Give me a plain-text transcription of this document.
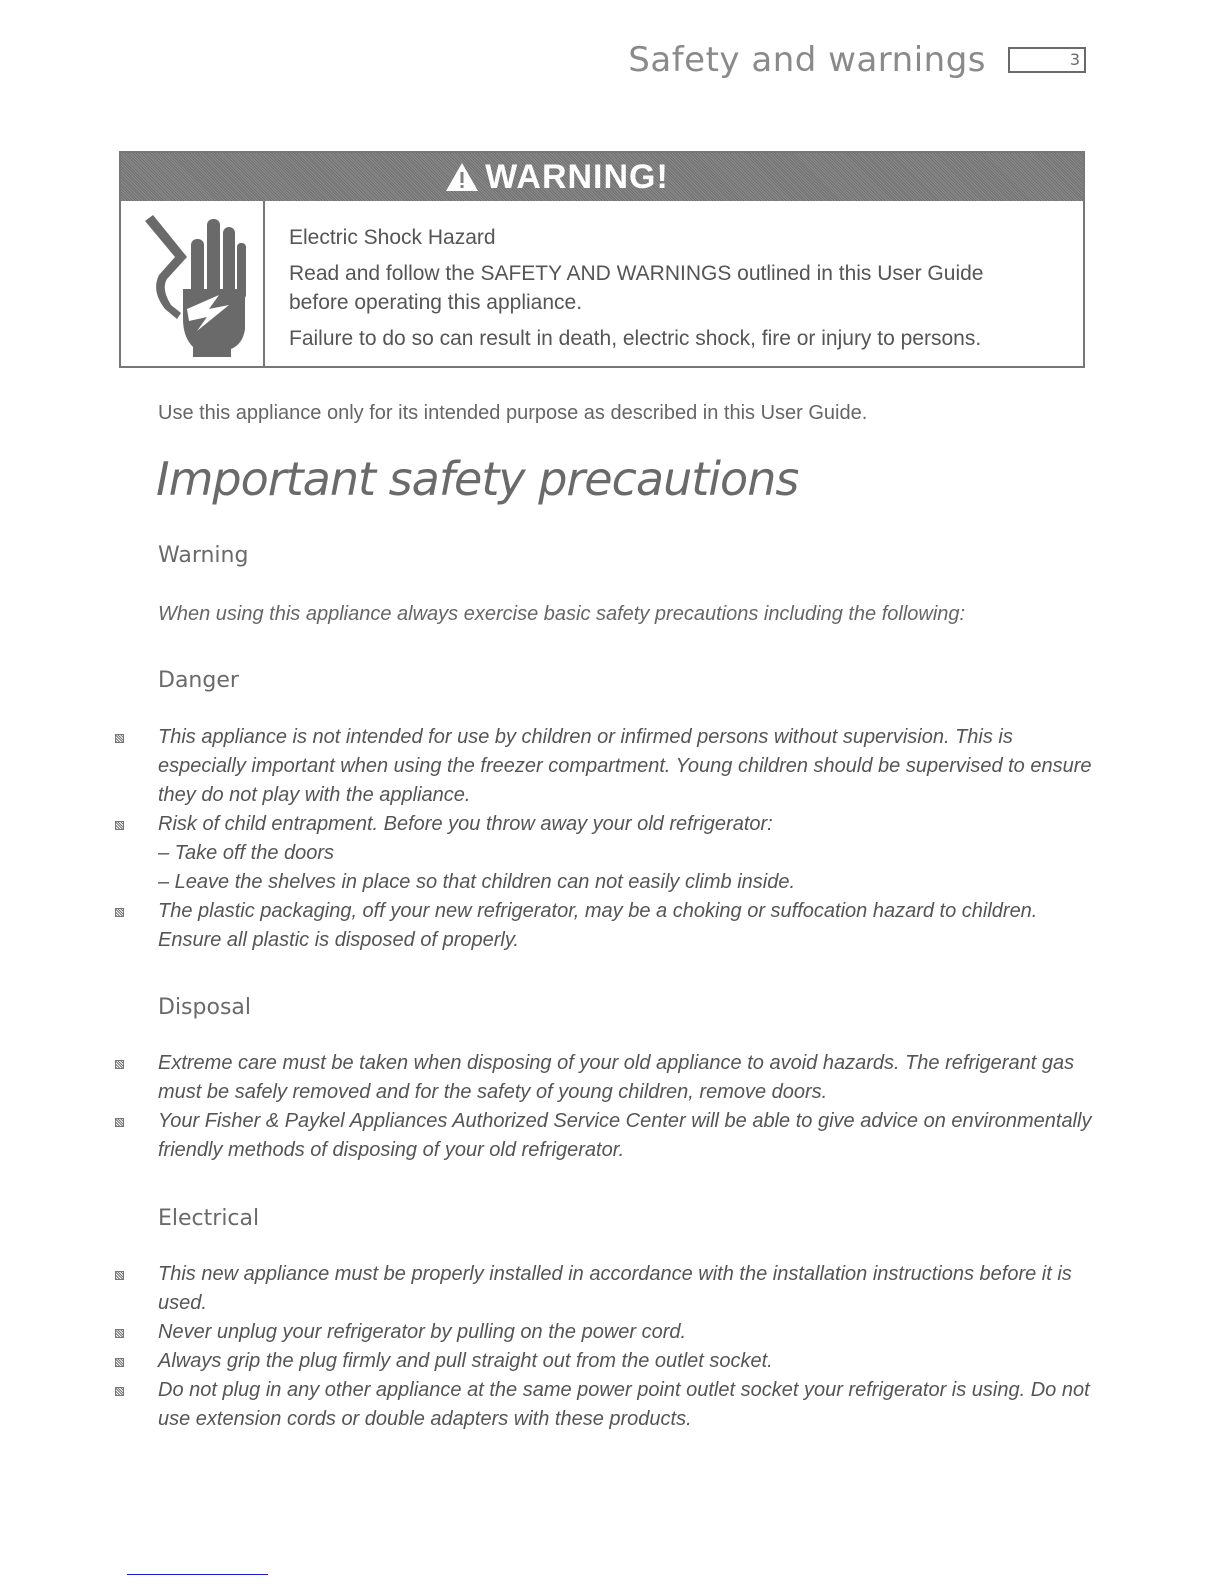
Safety and warnings	3
WARNING!

Electric Shock Hazard

Read and follow the SAFETY AND WARNINGS outlined in this User Guide

before operating this appliance.

Failure to do so can result in death, electric shock, fire or injury to persons.

Use this appliance only for its intended purpose as described in this User Guide.
Important safety precautions
Warning
When using this appliance always exercise basic safety precautions including the following:
Danger
This appliance is not intended for use by children or infirmed persons without supervision. This is especially important when using the freezer compartment. Young children should be supervised to ensure they do not play with the appliance.
Risk of child entrapment. Before you throw away your old refrigerator:
– Take off the doors
– Leave the shelves in place so that children can not easily climb inside.
The plastic packaging, off your new refrigerator, may be a choking or suffocation hazard to children. Ensure all plastic is disposed of properly.
Disposal
Extreme care must be taken when disposing of your old appliance to avoid hazards. The refrigerant gas must be safely removed and for the safety of young children, remove doors.
Your Fisher & Paykel Appliances Authorized Service Center will be able to give advice on environmentally friendly methods of disposing of your old refrigerator.
Electrical
This new appliance must be properly installed in accordance with the installation instructions before it is used.
Never unplug your refrigerator by pulling on the power cord.
Always grip the plug firmly and pull straight out from the outlet socket.
Do not plug in any other appliance at the same power point outlet socket your refrigerator is using. Do not use extension cords or double adapters with these products.
